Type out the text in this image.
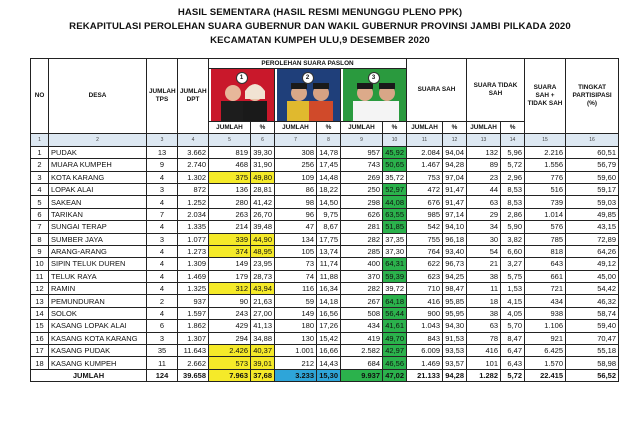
HASIL SEMENTARA (HASIL RESMI MENUNGGU PLENO PPK)
REKAPITULASI PEROLEHAN SUARA GUBERNUR DAN WAKIL GUBERNUR PROVINSI JAMBI PILKADA 2020
KECAMATAN KUMPEH ULU,9 DESEMBER 2020
NO	DESA	JUMLAH TPS	JUMLAH DPT	PEROLEHAN SUARA PASLON						SUARA SAH		SUARA TIDAK SAH		SUARA SAH + TIDAK SAH	TINGKAT PARTISIPASI (%)

				1		2		3							

				JUMLAH	%	JUMLAH	%	JUMLAH	%	JUMLAH	%	JUMLAH	%		
1	2	3	4	5	6	7	8	9	10	11	12	13	14	15	16
1	PUDAK	13	3.662	819	39,30	308	14,78	957	45,92	2.084	94,04	132	5,96	2.216	60,51
2	MUARA KUMPEH	9	2.740	468	31,90	256	17,45	743	50,65	1.467	94,28	89	5,72	1.556	56,79
3	KOTA KARANG	4	1.302	375	49,80	109	14,48	269	35,72	753	97,04	23	2,96	776	59,60
4	LOPAK ALAI	3	872	136	28,81	86	18,22	250	52,97	472	91,47	44	8,53	516	59,17
5	SAKEAN	4	1.252	280	41,42	98	14,50	298	44,08	676	91,47	63	8,53	739	59,03
6	TARIKAN	7	2.034	263	26,70	96	9,75	626	63,55	985	97,14	29	2,86	1.014	49,85
7	SUNGAI TERAP	4	1.335	214	39,48	47	8,67	281	51,85	542	94,10	34	5,90	576	43,15
8	SUMBER JAYA	3	1.077	339	44,90	134	17,75	282	37,35	755	96,18	30	3,82	785	72,89
9	ARANG-ARANG	4	1.273	374	48,95	105	13,74	285	37,30	764	93,40	54	6,60	818	64,26
10	SIPIN TELUK DUREN	4	1.309	149	23,95	73	11,74	400	64,31	622	96,73	21	3,27	643	49,12
11	TELUK RAYA	4	1.469	179	28,73	74	11,88	370	59,39	623	94,25	38	5,75	661	45,00
12	RAMIN	4	1.325	312	43,94	116	16,34	282	39,72	710	98,47	11	1,53	721	54,42
13	PEMUNDURAN	2	937	90	21,63	59	14,18	267	64,18	416	95,85	18	4,15	434	46,32
14	SOLOK	4	1.597	243	27,00	149	16,56	508	56,44	900	95,95	38	4,05	938	58,74
15	KASANG LOPAK ALAI	6	1.862	429	41,13	180	17,26	434	41,61	1.043	94,30	63	5,70	1.106	59,40
16	KASANG KOTA KARANG	3	1.307	294	34,88	130	15,42	419	49,70	843	91,53	78	8,47	921	70,47
17	KASANG PUDAK	35	11.643	2.426	40,37	1.001	16,66	2.582	42,97	6.009	93,53	416	6,47	6.425	55,18
18	KASANG KUMPEH	11	2.662	573	39,01	212	14,43	684	46,56	1.469	93,57	101	6,43	1.570	58,98
JUMLAH		124	39.658	7.963	37,68	3.233	15,30	9.937	47,02	21.133	94,28	1.282	5,72	22.415	56,52
